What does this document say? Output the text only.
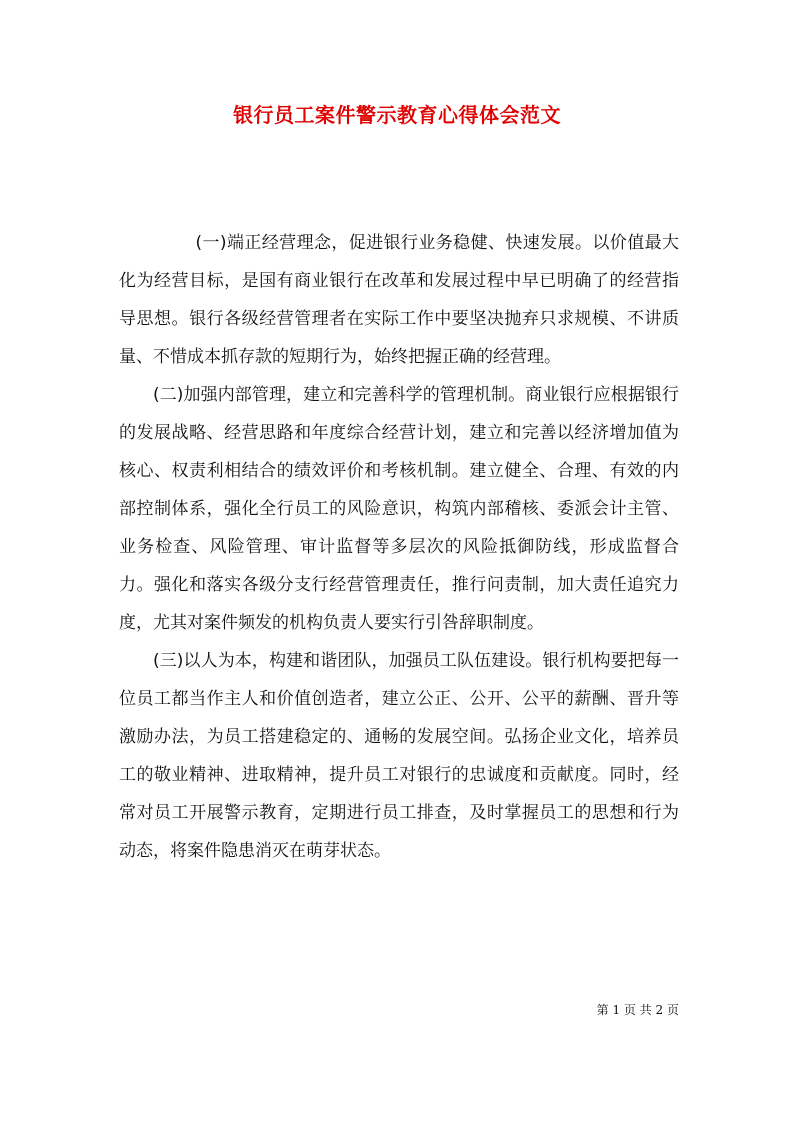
银行员工案件警示教育心得体会范文

(一)端正经营理念，促进银行业务稳健、快速发展。以价值最大化为经营目标，是国有商业银行在改革和发展过程中早已明确了的经营指导思想。银行各级经营管理者在实际工作中要坚决抛弃只求规模、不讲质量、不惜成本抓存款的短期行为，始终把握正确的经营理。

(二)加强内部管理，建立和完善科学的管理机制。商业银行应根据银行的发展战略、经营思路和年度综合经营计划，建立和完善以经济增加值为核心、权责利相结合的绩效评价和考核机制。建立健全、合理、有效的内部控制体系，强化全行员工的风险意识，构筑内部稽核、委派会计主管、业务检查、风险管理、审计监督等多层次的风险抵御防线，形成监督合力。强化和落实各级分支行经营管理责任，推行问责制，加大责任追究力度，尤其对案件频发的机构负责人要实行引咎辞职制度。

(三)以人为本，构建和谐团队，加强员工队伍建设。银行机构要把每一位员工都当作主人和价值创造者，建立公正、公开、公平的薪酬、晋升等激励办法，为员工搭建稳定的、通畅的发展空间。弘扬企业文化，培养员工的敬业精神、进取精神，提升员工对银行的忠诚度和贡献度。同时，经常对员工开展警示教育，定期进行员工排查，及时掌握员工的思想和行为动态，将案件隐患消灭在萌芽状态。

第 1 页 共 2 页
